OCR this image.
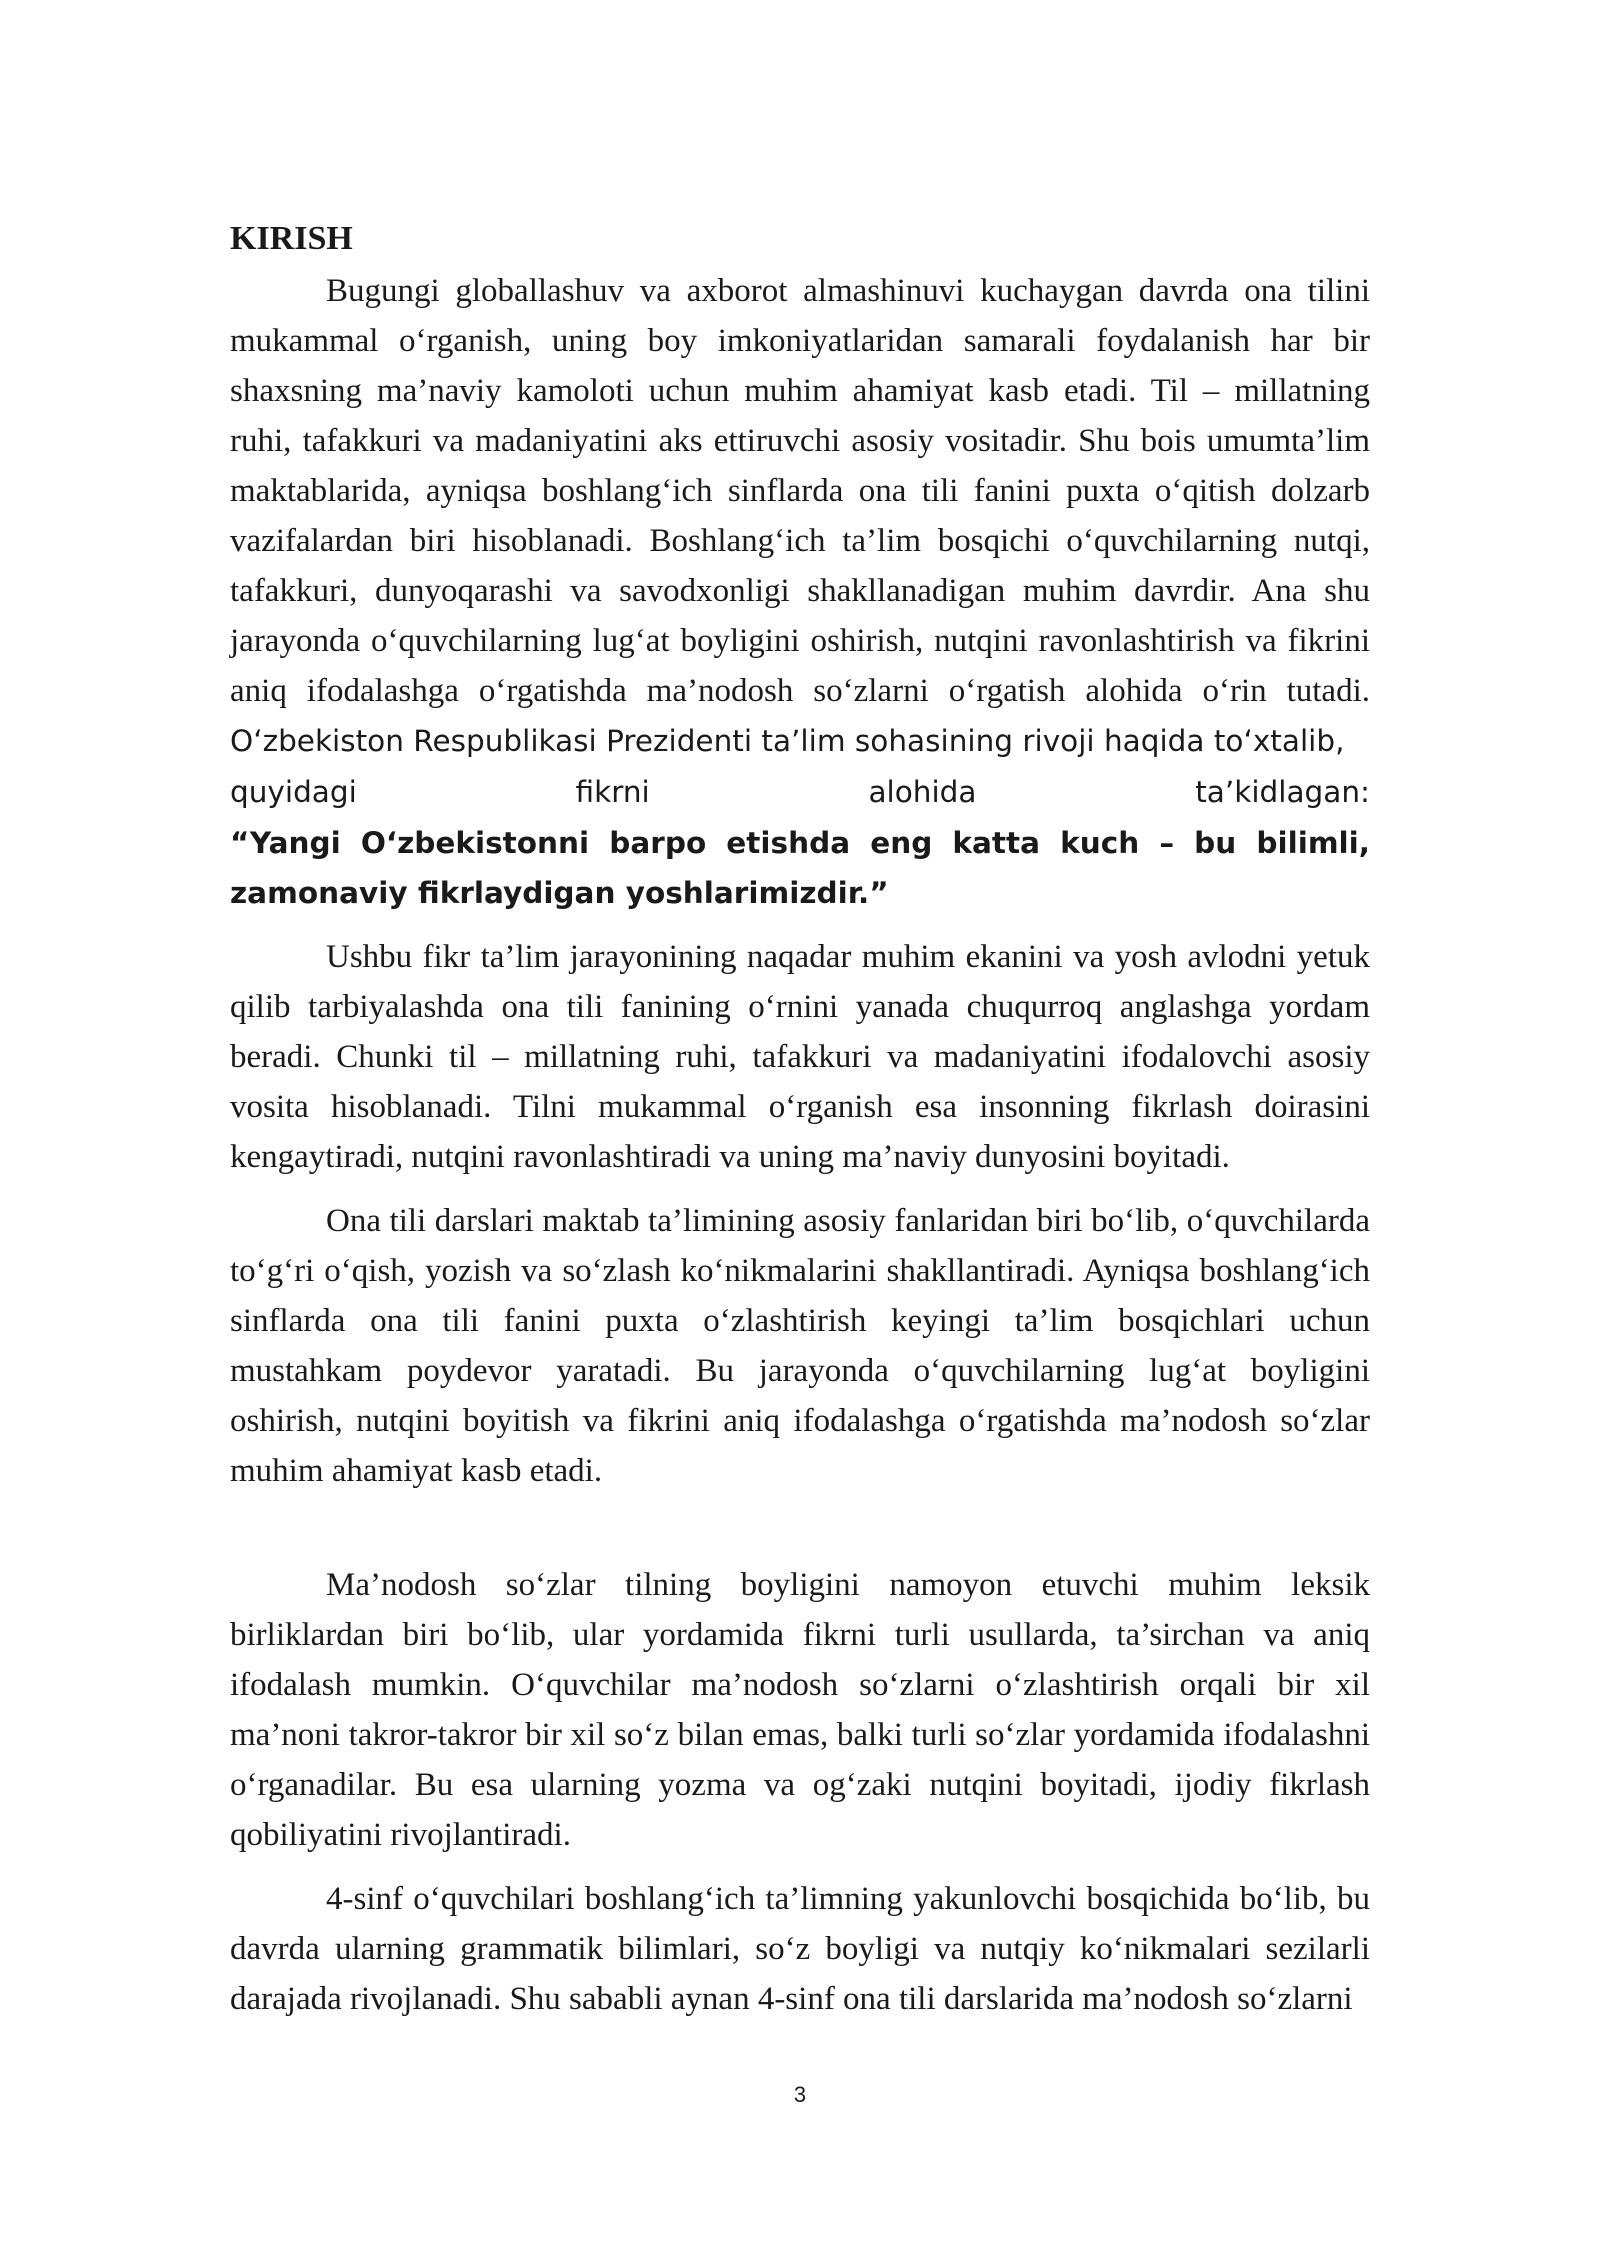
KIRISH

Bugungi globallashuv va axborot almashinuvi kuchaygan davrda ona tilini mukammal o‘rganish, uning boy imkoniyatlaridan samarali foydalanish har bir shaxsning ma’naviy kamoloti uchun muhim ahamiyat kasb etadi. Til – millatning ruhi, tafakkuri va madaniyatini aks ettiruvchi asosiy vositadir. Shu bois umumta’lim maktablarida, ayniqsa boshlang‘ich sinflarda ona tili fanini puxta o‘qitish dolzarb vazifalardan biri hisoblanadi. Boshlang‘ich ta’lim bosqichi o‘quvchilarning nutqi, tafakkuri, dunyoqarashi va savodxonligi shakllanadigan muhim davrdir. Ana shu jarayonda o‘quvchilarning lug‘at boyligini oshirish, nutqini ravonlashtirish va fikrini aniq ifodalashga o‘rgatishda ma’nodosh so‘zlarni o‘rgatish alohida o‘rin tutadi. O‘zbekiston Respublikasi Prezidenti ta’lim sohasining rivoji haqida to‘xtalib,

quyidagi	fikrni	alohida	ta’kidlagan:

“Yangi O‘zbekistonni barpo etishda eng katta kuch – bu bilimli, zamonaviy fikrlaydigan yoshlarimizdir.”

Ushbu fikr ta’lim jarayonining naqadar muhim ekanini va yosh avlodni yetuk qilib tarbiyalashda ona tili fanining o‘rnini yanada chuqurroq anglashga yordam beradi. Chunki til – millatning ruhi, tafakkuri va madaniyatini ifodalovchi asosiy vosita hisoblanadi. Tilni mukammal o‘rganish esa insonning fikrlash doirasini kengaytiradi, nutqini ravonlashtiradi va uning ma’naviy dunyosini boyitadi.

Ona tili darslari maktab ta’limining asosiy fanlaridan biri bo‘lib, o‘quvchilarda to‘g‘ri o‘qish, yozish va so‘zlash ko‘nikmalarini shakllantiradi. Ayniqsa boshlang‘ich sinflarda ona tili fanini puxta o‘zlashtirish keyingi ta’lim bosqichlari uchun mustahkam poydevor yaratadi. Bu jarayonda o‘quvchilarning lug‘at boyligini oshirish, nutqini boyitish va fikrini aniq ifodalashga o‘rgatishda ma’nodosh so‘zlar muhim ahamiyat kasb etadi.

Ma’nodosh so‘zlar tilning boyligini namoyon etuvchi muhim leksik birliklardan biri bo‘lib, ular yordamida fikrni turli usullarda, ta’sirchan va aniq ifodalash mumkin. O‘quvchilar ma’nodosh so‘zlarni o‘zlashtirish orqali bir xil ma’noni takror-takror bir xil so‘z bilan emas, balki turli so‘zlar yordamida ifodalashni o‘rganadilar. Bu esa ularning yozma va og‘zaki nutqini boyitadi, ijodiy fikrlash qobiliyatini rivojlantiradi.

4-sinf o‘quvchilari boshlang‘ich ta’limning yakunlovchi bosqichida bo‘lib, bu davrda ularning grammatik bilimlari, so‘z boyligi va nutqiy ko‘nikmalari sezilarli darajada rivojlanadi. Shu sababli aynan 4-sinf ona tili darslarida ma’nodosh so‘zlarni

3
